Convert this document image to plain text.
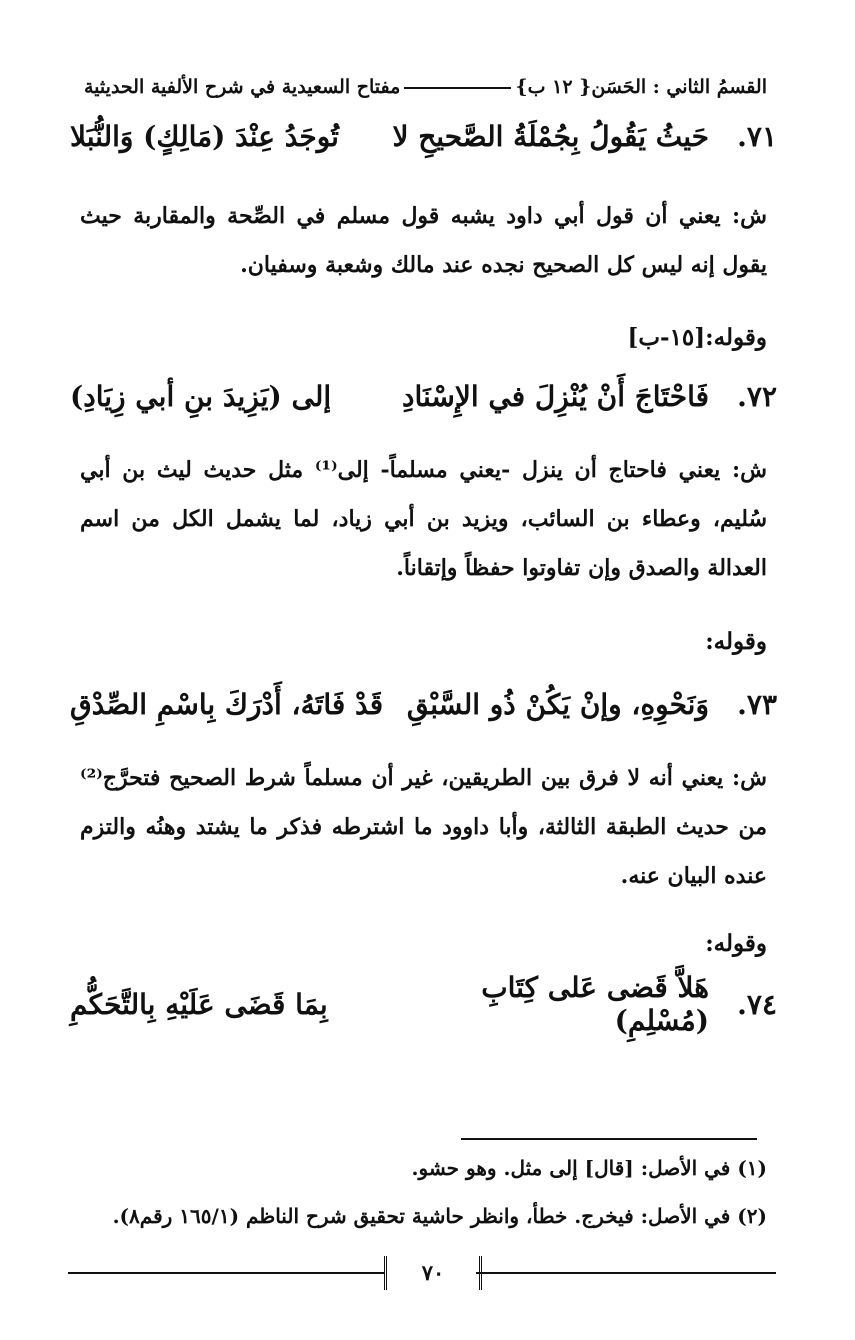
القسمُ الثاني : الحَسَن{ ١٢ ب}
مفتاح السعيدية في شرح الألفية الحديثية
٧١.
حَيثُ يَقُولُ بِجُمْلَةُ الصَّحيحِ لا
تُوجَدُ عِنْدَ (مَالِكٍ) وَالنُّبَلا
ش: يعني أن قول أبي داود يشبه قول مسلم في الصِّحة والمقاربة حيث يقول إنه ليس كل الصحيح نجده عند مالك وشعبة وسفيان.
وقوله:[١٥-ب]
٧٢.
فَاحْتَاجَ أَنْ يُنْزِلَ في الإِسْنَادِ
إلى (يَزِيدَ بنِ أبي زِيَادِ)
ش: يعني فاحتاج أن ينزل -يعني مسلماً- إلى⁽¹⁾ مثل حديث ليث بن أبي سُليم، وعطاء بن السائب، ويزيد بن أبي زياد، لما يشمل الكل من اسم العدالة والصدق وإن تفاوتوا حفظاً وإتقاناً.
وقوله:
٧٣.
وَنَحْوِهِ، وإنْ يَكُنْ ذُو السَّبْقِ
قَدْ فَاتَهُ، أَدْرَكَ بِاسْمِ الصِّدْقِ
ش: يعني أنه لا فرق بين الطريقين، غير أن مسلماً شرط الصحيح فتحرَّج⁽²⁾ من حديث الطبقة الثالثة، وأبا داوود ما اشترطه فذكر ما يشتد وهنُه والتزم عنده البيان عنه.
وقوله:
٧٤.
هَلاَّ قَضى عَلى كِتَابِ (مُسْلِمِ)
بِمَا قَضَى عَلَيْهِ بِالتَّحَكُّمِ
(١) في الأصل: [قال] إلى مثل. وهو حشو.
(٢) في الأصل: فيخرج. خطأ، وانظر حاشية تحقيق شرح الناظم (١٦٥/١ رقم٨).
٧٠
